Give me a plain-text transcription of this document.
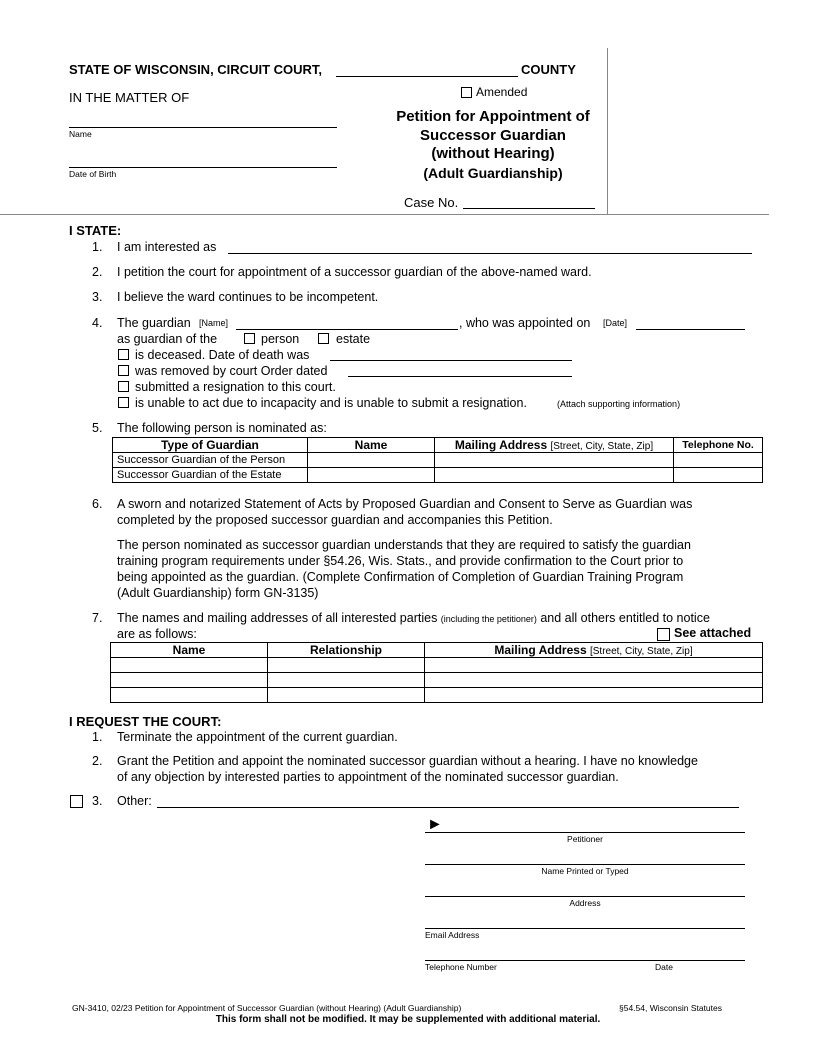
STATE OF WISCONSIN, CIRCUIT COURT,	COUNTY
IN THE MATTER OF
Name
Date of Birth
Amended
Petition for Appointment of
Successor Guardian
(without Hearing)
(Adult Guardianship)
Case No.
I STATE:
1. I am interested as
2. I petition the court for appointment of a successor guardian of the above-named ward.
3. I believe the ward continues to be incompetent.
4. The guardian [Name]	, who was appointed on [Date]
as guardian of the	person	estate
is deceased. Date of death was
was removed by court Order dated
submitted a resignation to this court.
is unable to act due to incapacity and is unable to submit a resignation.	(Attach supporting information)
5. The following person is nominated as:
Type of Guardian	Name	Mailing Address [Street, City, State, Zip]	Telephone No.
Successor Guardian of the Person			
Successor Guardian of the Estate			
6. A sworn and notarized Statement of Acts by Proposed Guardian and Consent to Serve as Guardian was
completed by the proposed successor guardian and accompanies this Petition.
The person nominated as successor guardian understands that they are required to satisfy the guardian
training program requirements under §54.26, Wis. Stats., and provide confirmation to the Court prior to
being appointed as the guardian. (Complete Confirmation of Completion of Guardian Training Program
(Adult Guardianship) form GN-3135)
7. The names and mailing addresses of all interested parties (including the petitioner) and all others entitled to notice
are as follows:	See attached
Name	Relationship	Mailing Address [Street, City, State, Zip]

I REQUEST THE COURT:
1. Terminate the appointment of the current guardian.
2. Grant the Petition and appoint the nominated successor guardian without a hearing. I have no knowledge
of any objection by interested parties to appointment of the nominated successor guardian.
3. Other:
►
Petitioner
Name Printed or Typed
Address
Email Address
Telephone Number	Date
GN-3410, 02/23 Petition for Appointment of Successor Guardian (without Hearing) (Adult Guardianship)	§54.54, Wisconsin Statutes
This form shall not be modified. It may be supplemented with additional material.
